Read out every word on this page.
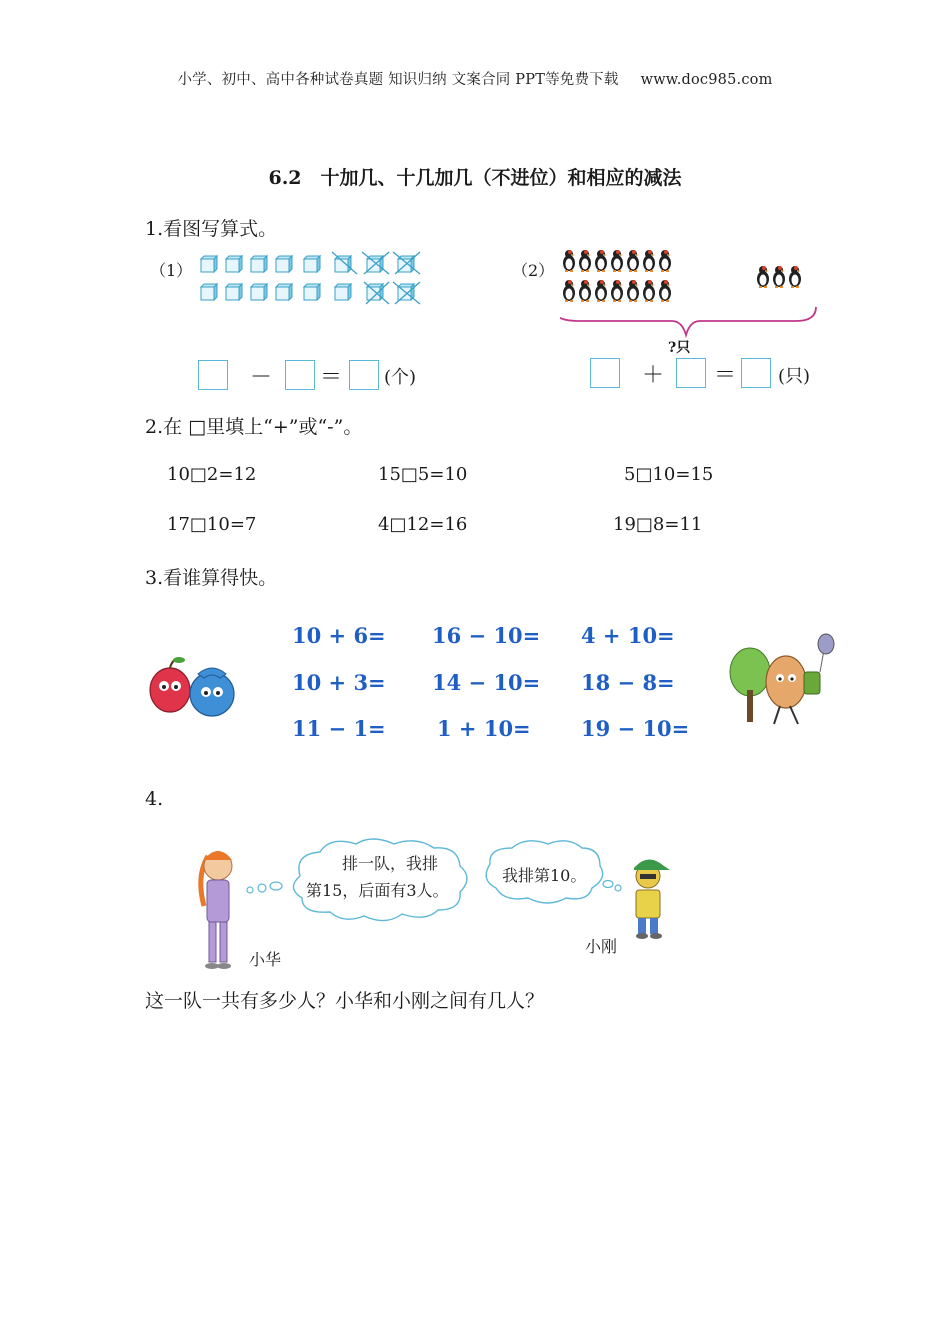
小学、初中、高中各种试卷真题 知识归纳 文案合同 PPT等免费下载 www.doc985.com
6.2　十加几、十几加几（不进位）和相应的减法
1.看图写算式。
（1）	（2）
?只
－ ＝ (个)	＋ ＝ (只)
2.在 □里填上“+”或“-”。
10□2=12	15□5=10	5□10=15
17□10=7	4□12=16	19□8=11
3.看谁算得快。
10 + 6= 16 − 10= 4 + 10=
10 + 3= 14 − 10= 18 − 8=
11 − 1= 1 + 10= 19 − 10=
4.
排一队，我排
第15，后面有3人。
我排第10。
小华
小刚
这一队一共有多少人？小华和小刚之间有几人？
